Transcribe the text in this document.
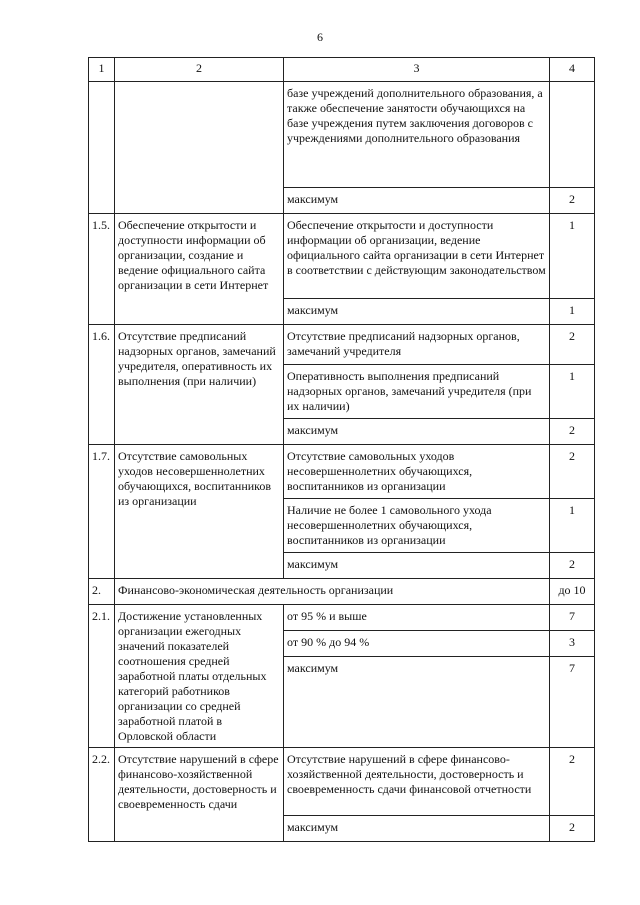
6
1	2	3	4

		базе учреждений дополнительного образования, а также обеспечение занятости обучающихся на базе учреждения путем заключения договоров с учреждениями дополнительного образования	

		максимум	2
1.5.	Обеспечение открытости и доступности информации об организации, создание и ведение официального сайта организации в сети Интернет	Обеспечение открытости и доступности информации об организации, ведение официального сайта организации в сети Интернет в соответствии с действующим законодательством	1
		максимум	1
1.6.	Отсутствие предписаний надзорных органов, замечаний учредителя, оперативность их выполнения (при наличии)	Отсутствие предписаний надзорных органов, замечаний учредителя	2

		Оперативность выполнения предписаний надзорных органов, замечаний учредителя (при их наличии)	1
		максимум	2
1.7.	Отсутствие самовольных уходов несовершеннолетних обучающихся, воспитанников из организации	Отсутствие самовольных уходов несовершеннолетних обучающихся, воспитанников из организации	2

		Наличие не более 1 самовольного ухода несовершеннолетних обучающихся, воспитанников из организации	1
		максимум	2
2.	Финансово-экономическая деятельность организации		до 10
2.1.	Достижение установленных организации ежегодных значений показателей соотношения средней заработной платы отдельных категорий работников организации со средней заработной платой в Орловской области	от 95 % и выше	7

		от 90 % до 94 %	3
		максимум	7
2.2.	Отсутствие нарушений в сфере финансово-хозяйственной деятельности, достоверность и своевременность сдачи	Отсутствие нарушений в сфере финансово-хозяйственной деятельности, достоверность и своевременность сдачи финансовой отчетности	2
		максимум	2
